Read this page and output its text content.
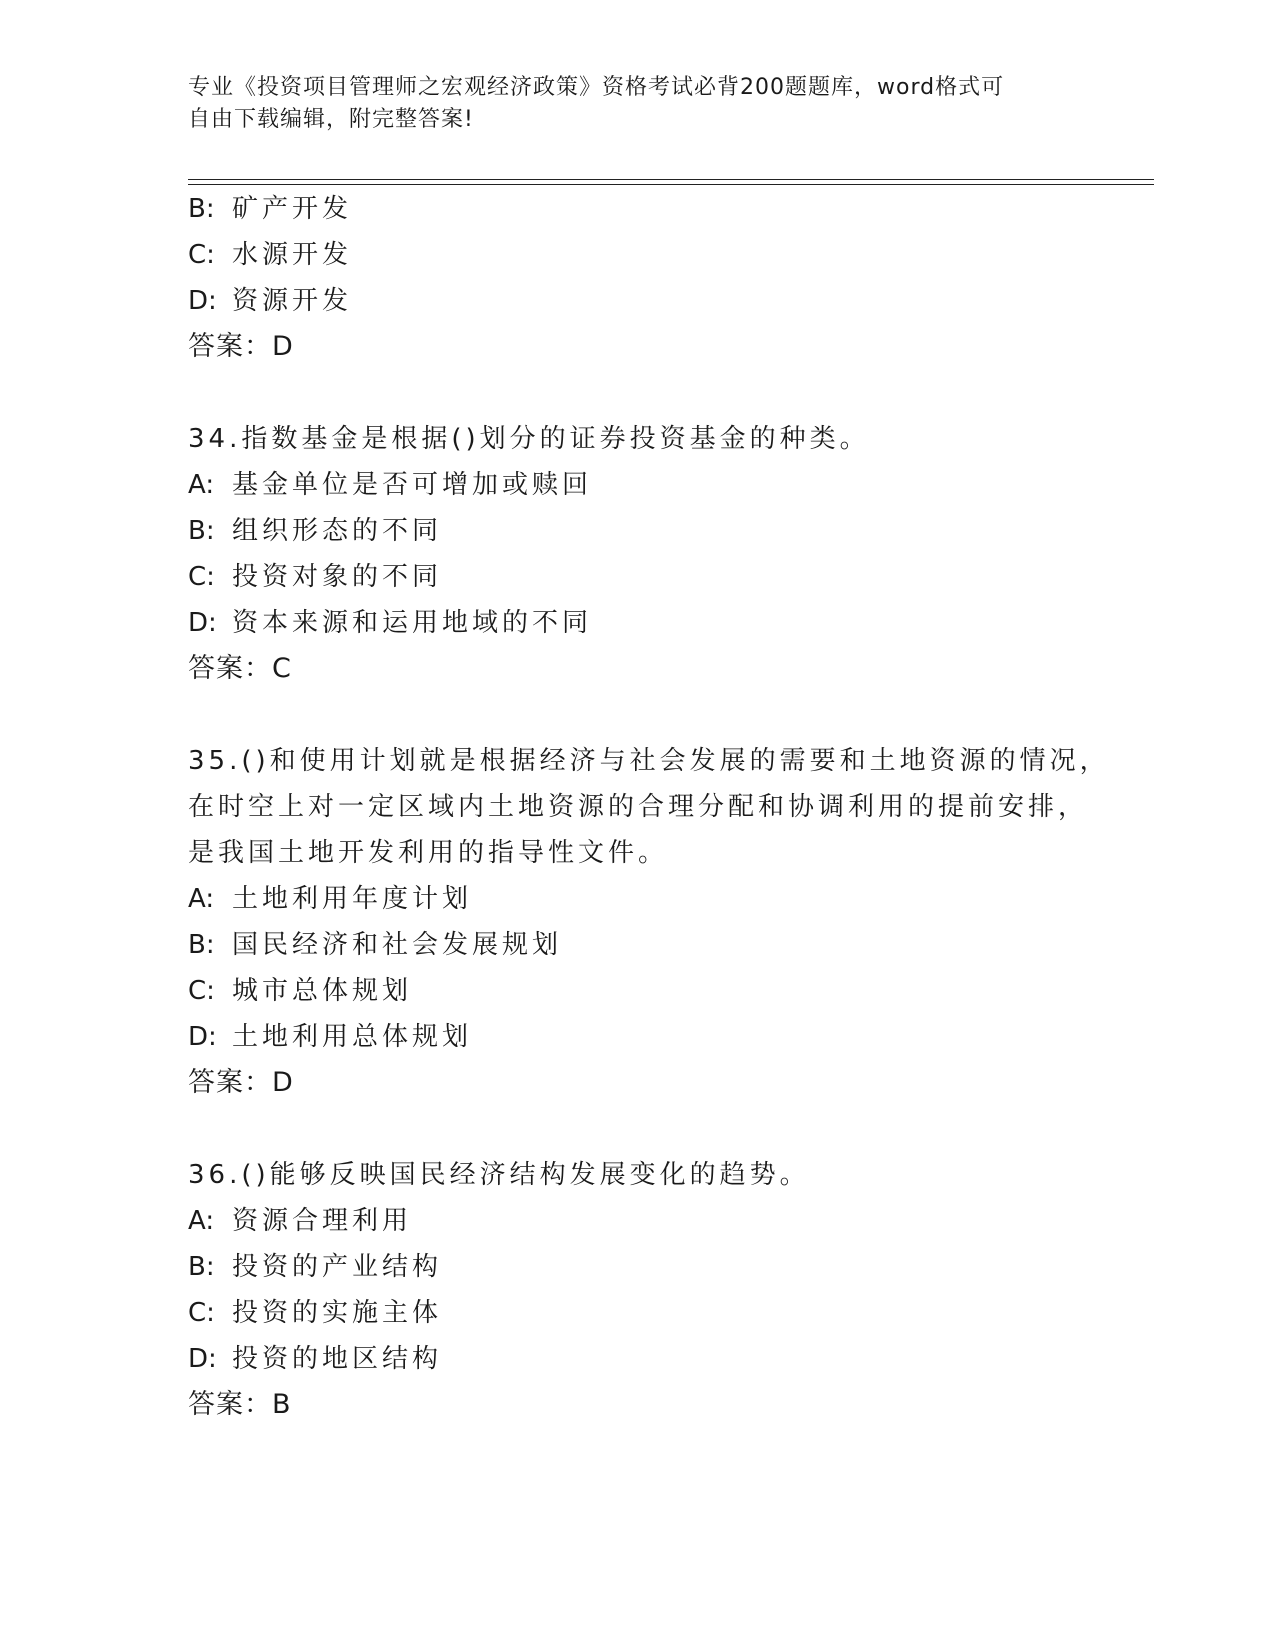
专业《投资项目管理师之宏观经济政策》资格考试必背200题题库，word格式可
自由下载编辑，附完整答案!
B: 矿产开发
C: 水源开发
D: 资源开发
答案：D
34.指数基金是根据()划分的证券投资基金的种类。
A: 基金单位是否可增加或赎回
B: 组织形态的不同
C: 投资对象的不同
D: 资本来源和运用地域的不同
答案：C
35.()和使用计划就是根据经济与社会发展的需要和土地资源的情况，
在时空上对一定区域内土地资源的合理分配和协调利用的提前安排，
是我国土地开发利用的指导性文件。
A: 土地利用年度计划
B: 国民经济和社会发展规划
C: 城市总体规划
D: 土地利用总体规划
答案：D
36.()能够反映国民经济结构发展变化的趋势。
A: 资源合理利用
B: 投资的产业结构
C: 投资的实施主体
D: 投资的地区结构
答案：B
